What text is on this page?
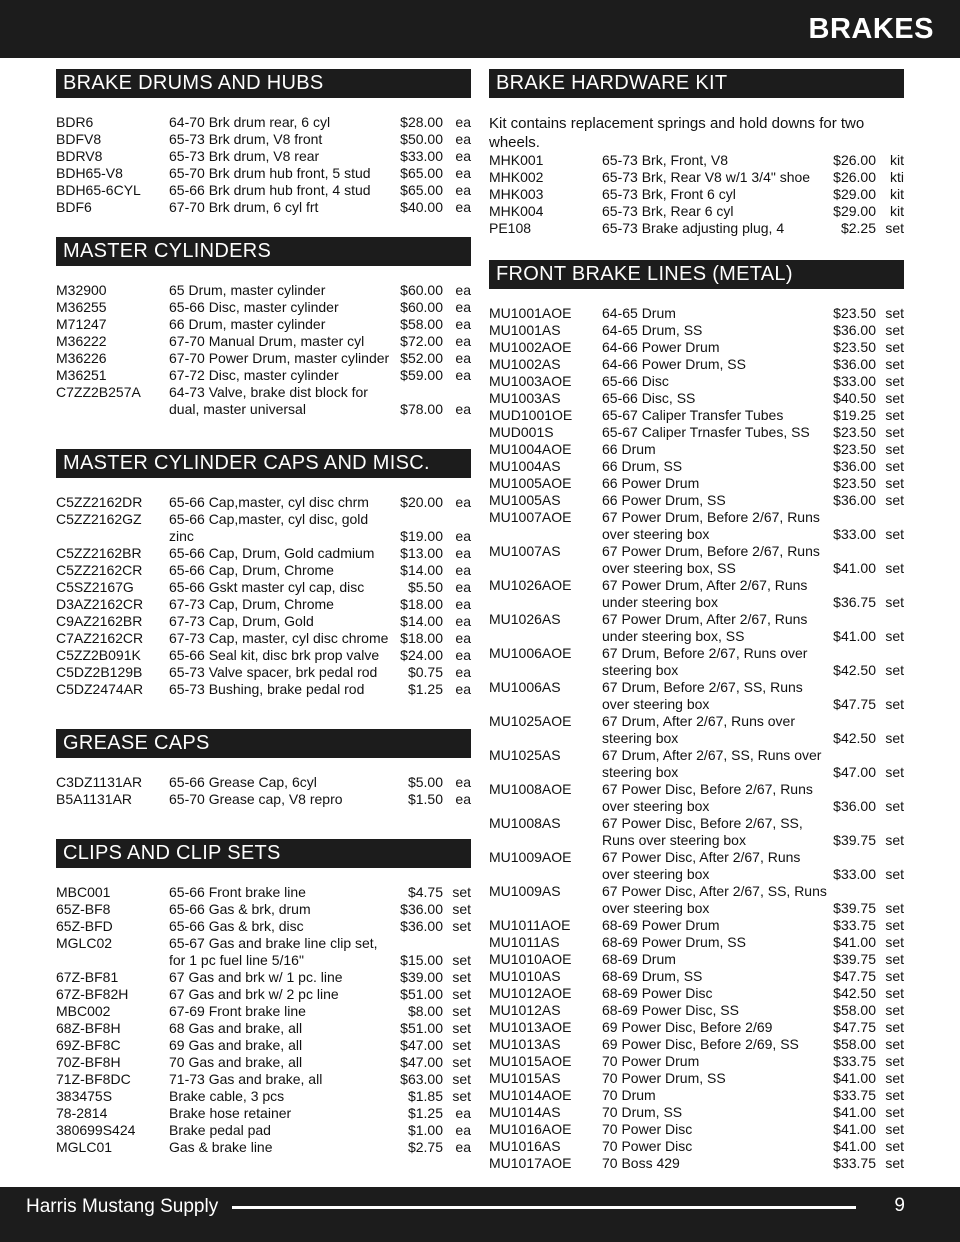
BRAKES
BRAKE DRUMS AND HUBS
BDR6	64-70 Brk drum rear, 6 cyl	$28.00 ea
BDFV8	65-73 Brk drum, V8 front	$50.00 ea
BDRV8	65-73 Brk drum, V8 rear	$33.00 ea
BDH65-V8	65-70 Brk drum hub front, 5 stud	$65.00 ea
BDH65-6CYL	65-66 Brk drum hub front, 4 stud	$65.00 ea
BDF6	67-70 Brk drum, 6 cyl frt	$40.00 ea
MASTER CYLINDERS
M32900	65 Drum, master cylinder	$60.00 ea
M36255	65-66 Disc, master cylinder	$60.00 ea
M71247	66 Drum, master cylinder	$58.00 ea
M36222	67-70 Manual Drum, master cyl	$72.00 ea
M36226	67-70 Power Drum, master cylinder $52.00 ea
M36251	67-72 Disc, master cylinder	$59.00 ea
C7ZZ2B257A	64-73 Valve, brake dist block for dual, master universal	$78.00 ea
MASTER CYLINDER CAPS AND MISC.
C5ZZ2162DR	65-66 Cap,master, cyl disc chrm	$20.00 ea
C5ZZ2162GZ	65-66 Cap,master, cyl disc, gold zinc	$19.00 ea
C5ZZ2162BR	65-66 Cap, Drum, Gold cadmium	$13.00 ea
C5ZZ2162CR	65-66 Cap, Drum, Chrome	$14.00 ea
C5SZ2167G	65-66 Gskt master cyl cap, disc	$5.50 ea
D3AZ2162CR	67-73 Cap, Drum, Chrome	$18.00 ea
C9AZ2162BR	67-73 Cap, Drum, Gold	$14.00 ea
C7AZ2162CR	67-73 Cap, master, cyl disc chrome $18.00 ea
C5ZZ2B091K	65-66 Seal kit, disc brk prop valve	$24.00 ea
C5DZ2B129B	65-73 Valve spacer, brk pedal rod	$0.75 ea
C5DZ2474AR	65-73 Bushing, brake pedal rod	$1.25 ea
GREASE CAPS
C3DZ1131AR	65-66 Grease Cap, 6cyl	$5.00 ea
B5A1131AR	65-70 Grease cap, V8 repro	$1.50 ea
CLIPS AND CLIP SETS
MBC001	65-66 Front brake line	$4.75 set
65Z-BF8	65-66 Gas & brk, drum	$36.00 set
65Z-BFD	65-66 Gas & brk, disc	$36.00 set
MGLC02	65-67 Gas and brake line clip set, for 1 pc fuel line 5/16"	$15.00 set
67Z-BF81	67 Gas and brk w/ 1 pc. line	$39.00 set
67Z-BF82H	67 Gas and brk w/ 2 pc line	$51.00 set
MBC002	67-69 Front brake line	$8.00 set
68Z-BF8H	68 Gas and brake, all	$51.00 set
69Z-BF8C	69 Gas and brake, all	$47.00 set
70Z-BF8H	70 Gas and brake, all	$47.00 set
71Z-BF8DC	71-73 Gas and brake, all	$63.00 set
383475S	Brake cable, 3 pcs	$1.85 set
78-2814	Brake hose retainer	$1.25 ea
380699S424	Brake pedal pad	$1.00 ea
MGLC01	Gas & brake line	$2.75 ea
BRAKE HARDWARE KIT
Kit contains replacement springs and hold downs for two wheels.
MHK001	65-73 Brk, Front, V8	$26.00	kit
MHK002	65-73 Brk, Rear V8 w/1 3/4" shoe	$26.00	kti
MHK003	65-73 Brk, Front 6 cyl	$29.00	kit
MHK004	65-73 Brk, Rear 6 cyl	$29.00	kit
PE108	65-73 Brake adjusting plug, 4	$2.25 set
FRONT BRAKE LINES (METAL)
MU1001AOE	64-65 Drum	$23.50 set
MU1001AS	64-65 Drum, SS	$36.00 set
MU1002AOE	64-66 Power Drum	$23.50 set
MU1002AS	64-66 Power Drum, SS	$36.00 set
MU1003AOE	65-66 Disc	$33.00 set
MU1003AS	65-66 Disc, SS	$40.50 set
MUD1001OE	65-67 Caliper Transfer Tubes	$19.25 set
MUD001S	65-67 Caliper Trnasfer Tubes, SS	$23.50 set
MU1004AOE	66 Drum	$23.50 set
MU1004AS	66 Drum, SS	$36.00 set
MU1005AOE	66 Power Drum	$23.50 set
MU1005AS	66 Power Drum, SS	$36.00 set
MU1007AOE	67 Power Drum, Before 2/67, Runs over steering box	$33.00 set
MU1007AS	67 Power Drum, Before 2/67, Runs over steering box, SS	$41.00 set
MU1026AOE	67 Power Drum, After 2/67, Runs under steering box	$36.75 set
MU1026AS	67 Power Drum, After 2/67, Runs under steering box, SS	$41.00 set
MU1006AOE	67 Drum, Before 2/67, Runs over steering box	$42.50 set
MU1006AS	67 Drum, Before 2/67, SS, Runs over steering box	$47.75 set
MU1025AOE	67 Drum, After 2/67, Runs over steering box	$42.50 set
MU1025AS	67 Drum, After 2/67, SS, Runs over steering box	$47.00 set
MU1008AOE	67 Power Disc, Before 2/67, Runs over steering box	$36.00 set
MU1008AS	67 Power Disc, Before 2/67, SS, Runs over steering box	$39.75 set
MU1009AOE	67 Power Disc, After 2/67, Runs over steering box	$33.00 set
MU1009AS	67 Power Disc, After 2/67, SS, Runs over steering box	$39.75 set
MU1011AOE	68-69 Power Drum	$33.75 set
MU1011AS	68-69 Power Drum, SS	$41.00 set
MU1010AOE	68-69 Drum	$39.75 set
MU1010AS	68-69 Drum, SS	$47.75 set
MU1012AOE	68-69 Power Disc	$42.50 set
MU1012AS	68-69 Power Disc, SS	$58.00 set
MU1013AOE	69 Power Disc, Before 2/69	$47.75 set
MU1013AS	69 Power Disc, Before 2/69, SS	$58.00 set
MU1015AOE	70 Power Drum	$33.75 set
MU1015AS	70 Power Drum, SS	$41.00 set
MU1014AOE	70 Drum	$33.75 set
MU1014AS	70 Drum, SS	$41.00 set
MU1016AOE	70 Power Disc	$41.00 set
MU1016AS	70 Power Disc	$41.00 set
MU1017AOE	70 Boss 429	$33.75 set
Harris Mustang Supply	9
